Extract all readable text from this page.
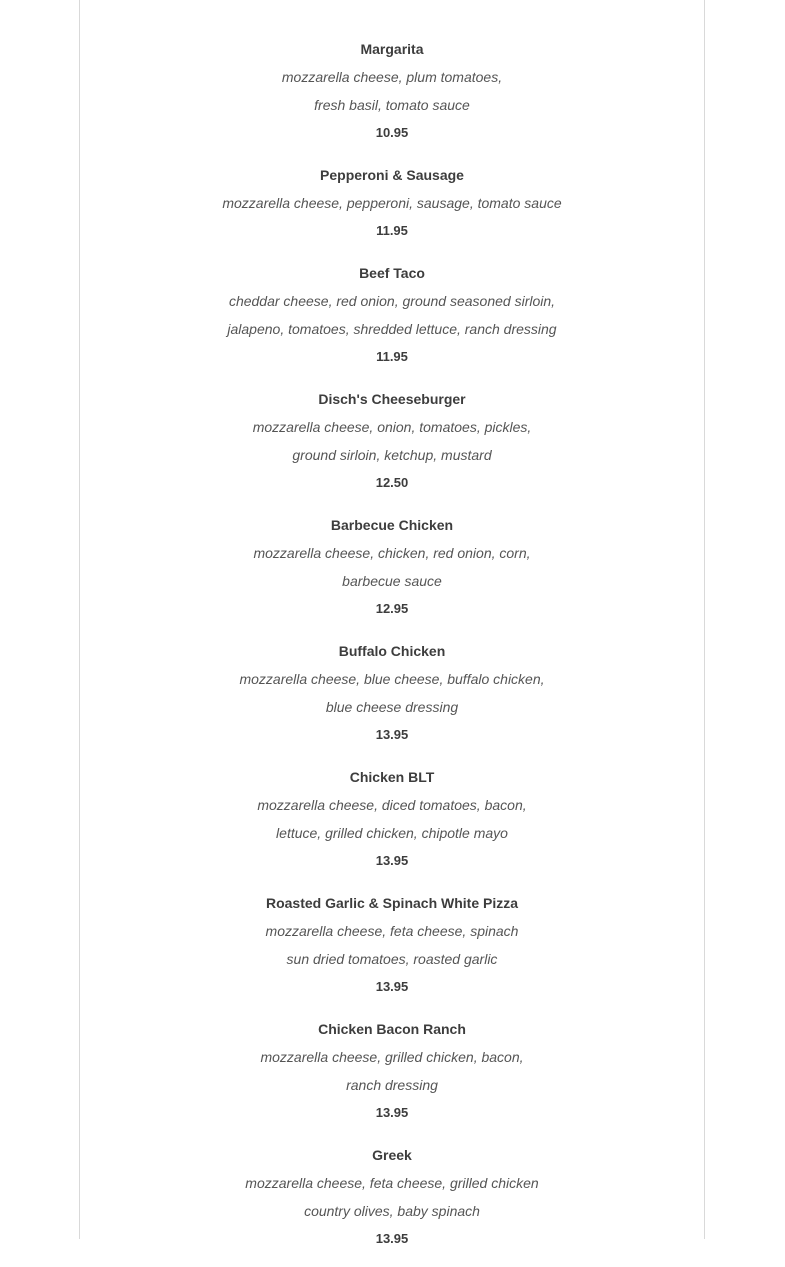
Margarita
mozzarella cheese, plum tomatoes,
fresh basil, tomato sauce
10.95
Pepperoni & Sausage
mozzarella cheese, pepperoni, sausage, tomato sauce
11.95
Beef Taco
cheddar cheese, red onion, ground seasoned sirloin,
jalapeno, tomatoes, shredded lettuce, ranch dressing
11.95
Disch's Cheeseburger
mozzarella cheese, onion, tomatoes, pickles,
ground sirloin, ketchup, mustard
12.50
Barbecue Chicken
mozzarella cheese, chicken, red onion, corn,
barbecue sauce
12.95
Buffalo Chicken
mozzarella cheese, blue cheese, buffalo chicken,
blue cheese dressing
13.95
Chicken BLT
mozzarella cheese, diced tomatoes, bacon,
lettuce, grilled chicken, chipotle mayo
13.95
Roasted Garlic & Spinach White Pizza
mozzarella cheese, feta cheese, spinach
sun dried tomatoes, roasted garlic
13.95
Chicken Bacon Ranch
mozzarella cheese, grilled chicken, bacon,
ranch dressing
13.95
Greek
mozzarella cheese, feta cheese, grilled chicken
country olives, baby spinach
13.95
